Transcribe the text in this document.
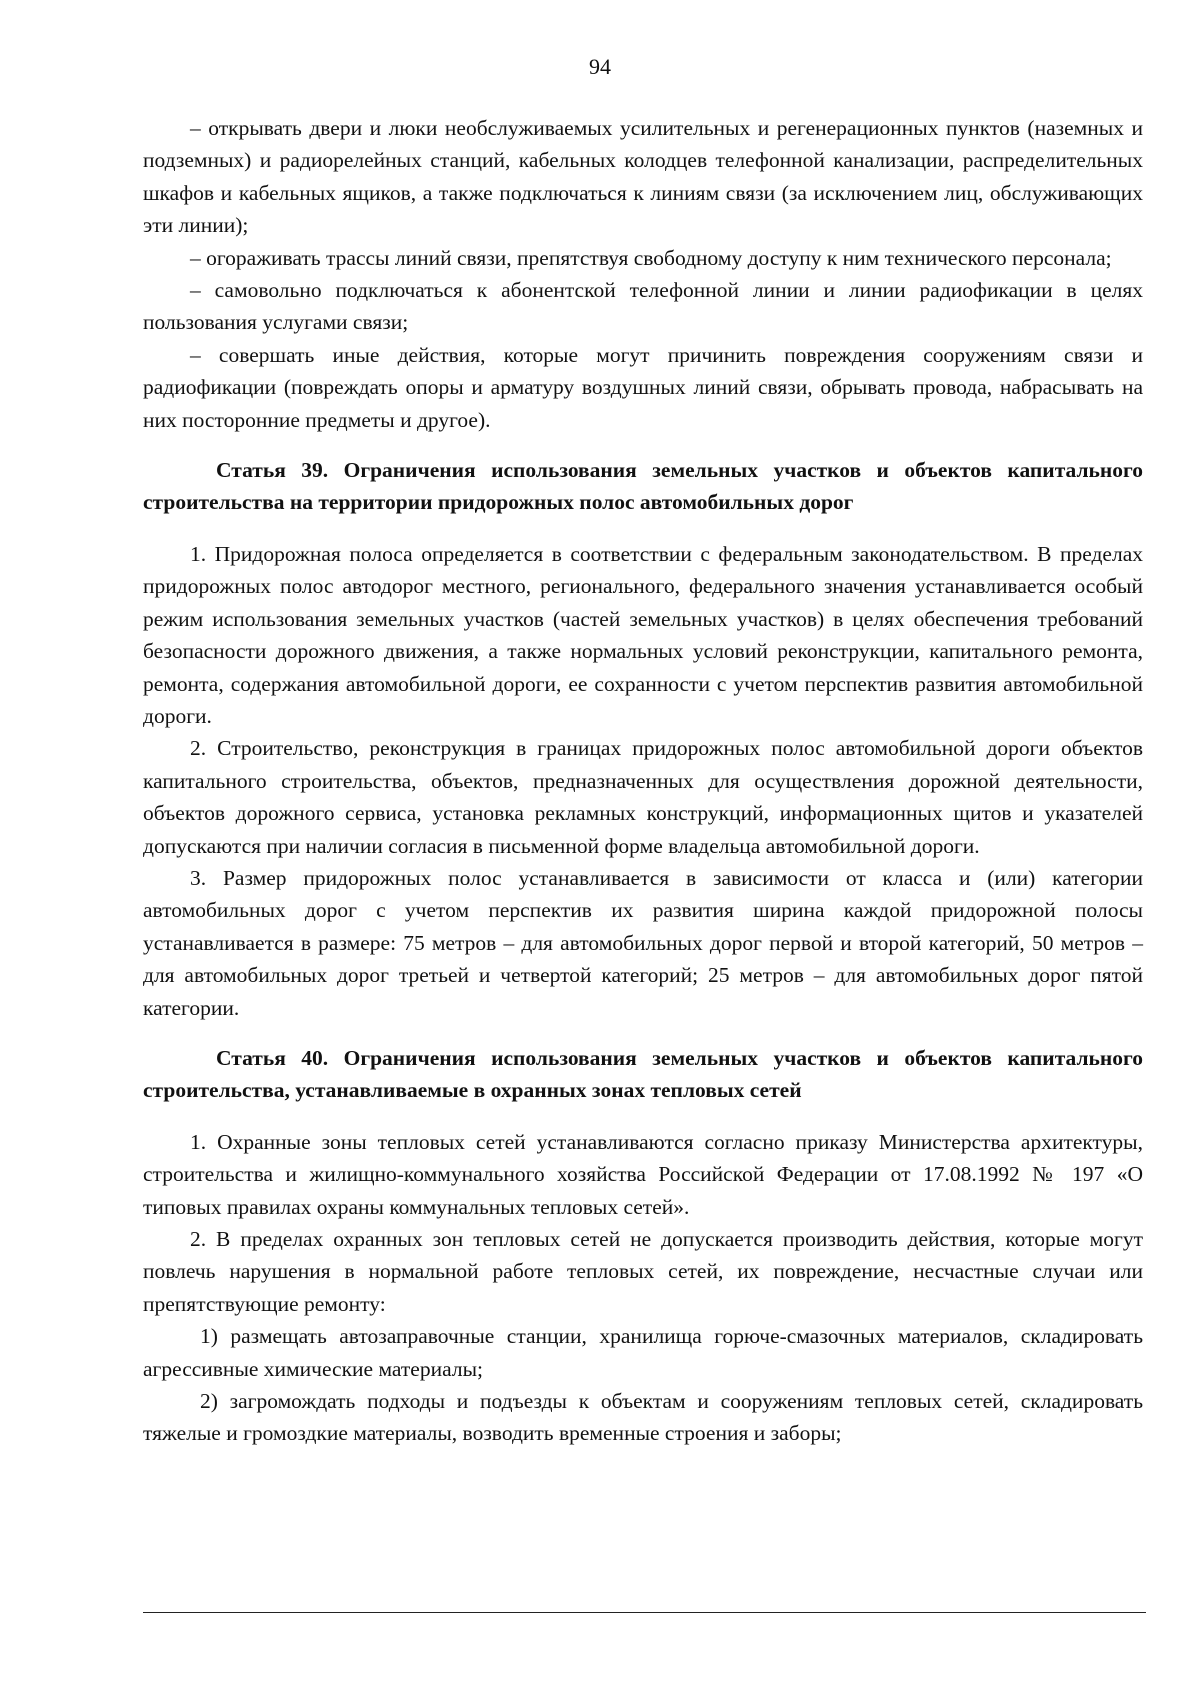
94

– открывать двери и люки необслуживаемых усилительных и регенерационных пунктов (наземных и подземных) и радиорелейных станций, кабельных колодцев телефонной канализации, распределительных шкафов и кабельных ящиков, а также подключаться к линиям связи (за исключением лиц, обслуживающих эти линии);

– огораживать трассы линий связи, препятствуя свободному доступу к ним технического персонала;

– самовольно подключаться к абонентской телефонной линии и линии радиофикации в целях пользования услугами связи;

– совершать иные действия, которые могут причинить повреждения сооружениям связи и радиофикации (повреждать опоры и арматуру воздушных линий связи, обрывать провода, набрасывать на них посторонние предметы и другое).

Статья 39. Ограничения использования земельных участков и объектов капитального строительства на территории придорожных полос автомобильных дорог

1. Придорожная полоса определяется в соответствии с федеральным законодательством. В пределах придорожных полос автодорог местного, регионального, федерального значения устанавливается особый режим использования земельных участков (частей земельных участков) в целях обеспечения требований безопасности дорожного движения, а также нормальных условий реконструкции, капитального ремонта, ремонта, содержания автомобильной дороги, ее сохранности с учетом перспектив развития автомобильной дороги.

2. Строительство, реконструкция в границах придорожных полос автомобильной дороги объектов капитального строительства, объектов, предназначенных для осуществления дорожной деятельности, объектов дорожного сервиса, установка рекламных конструкций, информационных щитов и указателей допускаются при наличии согласия в письменной форме владельца автомобильной дороги.

3. Размер придорожных полос устанавливается в зависимости от класса и (или) категории автомобильных дорог с учетом перспектив их развития ширина каждой придорожной полосы устанавливается в размере: 75 метров – для автомобильных дорог первой и второй категорий, 50 метров – для автомобильных дорог третьей и четвертой категорий; 25 метров – для автомобильных дорог пятой категории.

Статья 40. Ограничения использования земельных участков и объектов капитального строительства, устанавливаемые в охранных зонах тепловых сетей

1. Охранные зоны тепловых сетей устанавливаются согласно приказу Министерства архитектуры, строительства и жилищно-коммунального хозяйства Российской Федерации от 17.08.1992 № 197 «О типовых правилах охраны коммунальных тепловых сетей».

2. В пределах охранных зон тепловых сетей не допускается производить действия, которые могут повлечь нарушения в нормальной работе тепловых сетей, их повреждение, несчастные случаи или препятствующие ремонту:

1) размещать автозаправочные станции, хранилища горюче-смазочных материалов, складировать агрессивные химические материалы;

2) загромождать подходы и подъезды к объектам и сооружениям тепловых сетей, складировать тяжелые и громоздкие материалы, возводить временные строения и заборы;
